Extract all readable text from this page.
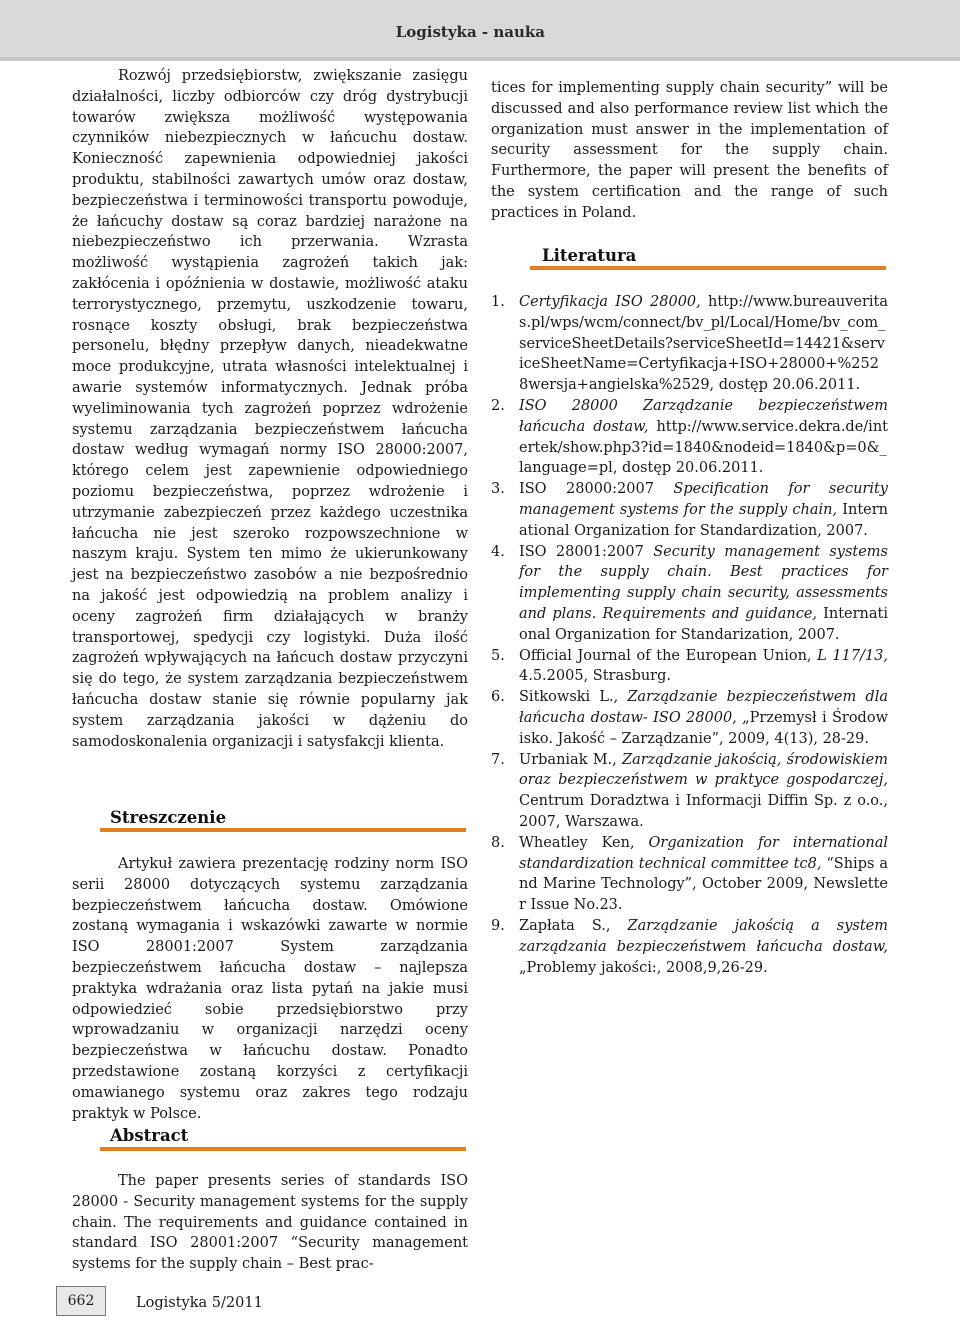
Logistyka - nauka

Rozwój przedsiębiorstw, zwiększanie zasięgu działalności, liczby odbiorców czy dróg dystrybucji towarów zwiększa możliwość występowania czynników niebezpiecznych w łańcuchu dostaw. Konieczność zapewnienia odpowiedniej jakości produktu, stabilności zawartych umów oraz dostaw, bezpieczeństwa i terminowości transportu powoduje, że łańcuchy dostaw są coraz bardziej narażone na niebezpieczeństwo ich przerwania. Wzrasta możliwość wystąpienia zagrożeń takich jak: zakłócenia i opóźnienia w dostawie, możliwość ataku terrorystycznego, przemytu, uszkodzenie towaru, rosnące koszty obsługi, brak bezpieczeństwa personelu, błędny przepływ danych, nieadekwatne moce produkcyjne, utrata własności intelektualnej i awarie systemów informatycznych. Jednak próba wyeliminowania tych zagrożeń poprzez wdrożenie systemu zarządzania bezpieczeństwem łańcucha dostaw według wymagań normy ISO 28000:2007, którego celem jest zapewnienie odpowiedniego poziomu bezpieczeństwa, poprzez wdrożenie i utrzymanie zabezpieczeń przez każdego uczestnika łańcucha nie jest szeroko rozpowszechnione w naszym kraju. System ten mimo że ukierunkowany jest na bezpieczeństwo zasobów a nie bezpośrednio na jakość jest odpowiedzią na problem analizy i oceny zagrożeń firm działających w branży transportowej, spedycji czy logistyki. Duża ilość zagrożeń wpływających na łańcuch dostaw przyczyni się do tego, że system zarządzania bezpieczeństwem łańcucha dostaw stanie się równie popularny jak system zarządzania jakości w dążeniu do samodoskonalenia organizacji i satysfakcji klienta.

Streszczenie

Artykuł zawiera prezentację rodziny norm ISO serii 28000 dotyczących systemu zarządzania bezpieczeństwem łańcucha dostaw. Omówione zostaną wymagania i wskazówki zawarte w normie ISO 28001:2007 System zarządzania bezpieczeństwem łańcucha dostaw – najlepsza praktyka wdrażania oraz lista pytań na jakie musi odpowiedzieć sobie przedsiębiorstwo przy wprowadzaniu w organizacji narzędzi oceny bezpieczeństwa w łańcuchu dostaw. Ponadto przedstawione zostaną korzyści z certyfikacji omawianego systemu oraz zakres tego rodzaju praktyk w Polsce.

Abstract

The paper presents series of standards ISO 28000 - Security management systems for the supply chain. The requirements and guidance contained in standard ISO 28001:2007 “Security management systems for the supply chain – Best prac-

tices for implementing supply chain security” will be discussed and also performance review list which the organization must answer in the implementation of security assessment for the supply chain. Furthermore, the paper will present the benefits of the system certification and the range of such practices in Poland.

Literatura
1. Certyfikacja ISO 28000, http://www.bureauveritas.pl/wps/wcm/connect/bv_pl/Local/Home/bv_com_serviceSheetDetails?serviceSheetId=14421&serviceSheetName=Certyfikacja+ISO+28000+%2528wersja+angielska%2529, dostęp 20.06.2011.
2. ISO 28000 Zarządzanie bezpieczeństwem łańcucha dostaw, http://www.service.dekra.de/intertek/show.php3?id=1840&nodeid=1840&p=0&_language=pl, dostęp 20.06.2011.
3. ISO 28000:2007 Specification for security management systems for the supply chain, International Organization for Standardization, 2007.
4. ISO 28001:2007 Security management systems for the supply chain. Best practices for implementing supply chain security, assessments and plans. Requirements and guidance, International Organization for Standarization, 2007.
5. Official Journal of the European Union, L 117/13, 4.5.2005, Strasburg.
6. Sitkowski L., Zarządzanie bezpieczeństwem dla łańcucha dostaw- ISO 28000, „Przemysł i Środowisko. Jakość – Zarządzanie”, 2009, 4(13), 28-29.
7. Urbaniak M., Zarządzanie jakością, środowiskiem oraz bezpieczeństwem w praktyce gospodarczej, Centrum Doradztwa i Informacji Diffin Sp. z o.o., 2007, Warszawa.
8. Wheatley Ken, Organization for international standardization technical committee tc8, “Ships and Marine Technology”, October 2009, Newsletter Issue No.23.
9. Zapłata S., Zarządzanie jakością a system zarządzania bezpieczeństwem łańcucha dostaw, „Problemy jakości:, 2008,9,26-29.
662	Logistyka 5/2011
